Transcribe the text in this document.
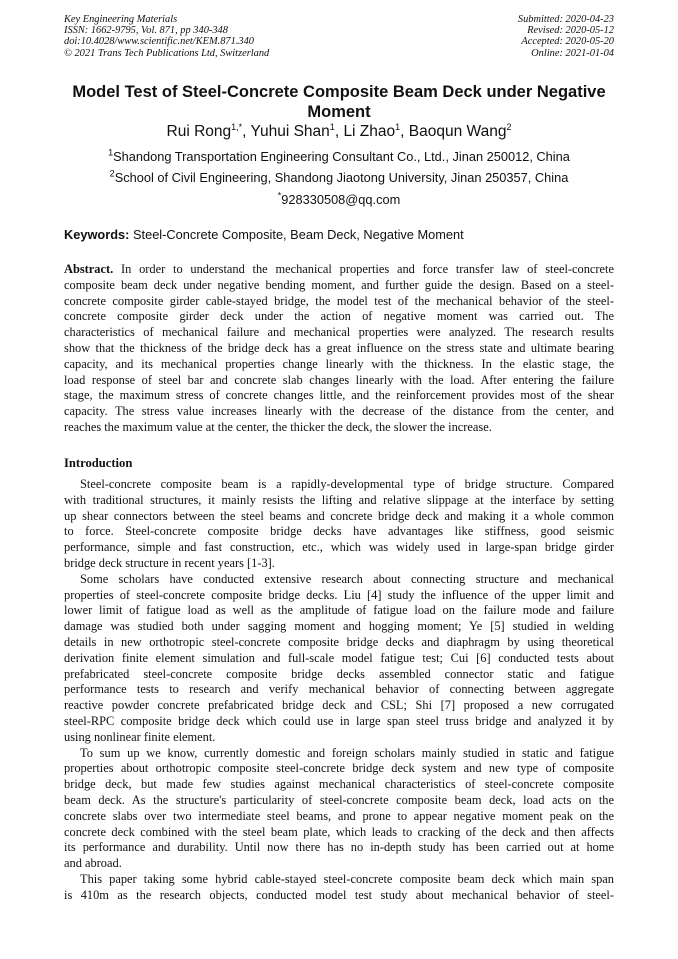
Key Engineering Materials
ISSN: 1662-9795, Vol. 871, pp 340-348
doi:10.4028/www.scientific.net/KEM.871.340
© 2021 Trans Tech Publications Ltd, Switzerland
Submitted: 2020-04-23
Revised: 2020-05-12
Accepted: 2020-05-20
Online: 2021-01-04
Model Test of Steel-Concrete Composite Beam Deck under Negative Moment
Rui Rong$^{1,*}$, Yuhui Shan$^1$, Li Zhao$^1$, Baoqun Wang$^2$
$^1$Shandong Transportation Engineering Consultant Co., Ltd., Jinan 250012, China
$^2$School of Civil Engineering, Shandong Jiaotong University, Jinan 250357, China
*928330508@qq.com
Keywords: Steel-Concrete Composite, Beam Deck, Negative Moment
Abstract. In order to understand the mechanical properties and force transfer law of steel-concrete
composite beam deck under negative bending moment, and further guide the design. Based on a steel-
concrete composite girder cable-stayed bridge, the model test of the mechanical behavior of the steel-
concrete composite girder deck under the action of negative moment was carried out. The
characteristics of mechanical failure and mechanical properties were analyzed. The research results
show that the thickness of the bridge deck has a great influence on the stress state and ultimate bearing
capacity, and its mechanical properties change linearly with the thickness. In the elastic stage, the
load response of steel bar and concrete slab changes linearly with the load. After entering the failure
stage, the maximum stress of concrete changes little, and the reinforcement provides most of the shear
capacity. The stress value increases linearly with the decrease of the distance from the center, and
reaches the maximum value at the center, the thicker the deck, the slower the increase.
Introduction
Steel-concrete composite beam is a rapidly-developmental type of bridge structure. Compared
with traditional structures, it mainly resists the lifting and relative slippage at the interface by setting
up shear connectors between the steel beams and concrete bridge deck and making it a whole common
to force. Steel-concrete composite bridge decks have advantages like stiffness, good seismic
performance, simple and fast construction, etc., which was widely used in large-span bridge girder
bridge deck structure in recent years [1-3].
Some scholars have conducted extensive research about connecting structure and mechanical
properties of steel-concrete composite bridge decks. Liu [4] study the influence of the upper limit and
lower limit of fatigue load as well as the amplitude of fatigue load on the failure mode and failure
damage was studied both under sagging moment and hogging moment; Ye [5] studied in welding
details in new orthotropic steel-concrete composite bridge decks and diaphragm by using theoretical
derivation finite element simulation and full-scale model fatigue test; Cui [6] conducted tests about
prefabricated steel-concrete composite bridge decks assembled connector static and fatigue
performance tests to research and verify mechanical behavior of connecting between aggregate
reactive powder concrete prefabricated bridge deck and CSL; Shi [7] proposed a new corrugated
steel-RPC composite bridge deck which could use in large span steel truss bridge and analyzed it by
using nonlinear finite element.
To sum up we know, currently domestic and foreign scholars mainly studied in static and fatigue
properties about orthotropic composite steel-concrete bridge deck system and new type of composite
bridge deck, but made few studies against mechanical characteristics of steel-concrete composite
beam deck. As the structure's particularity of steel-concrete composite beam deck, load acts on the
concrete slabs over two intermediate steel beams, and prone to appear negative moment peak on the
concrete deck combined with the steel beam plate, which leads to cracking of the deck and then affects
its performance and durability. Until now there has no in-depth study has been carried out at home
and abroad.
This paper taking some hybrid cable-stayed steel-concrete composite beam deck which main span
is 410m as the research objects, conducted model test study about mechanical behavior of steel-
